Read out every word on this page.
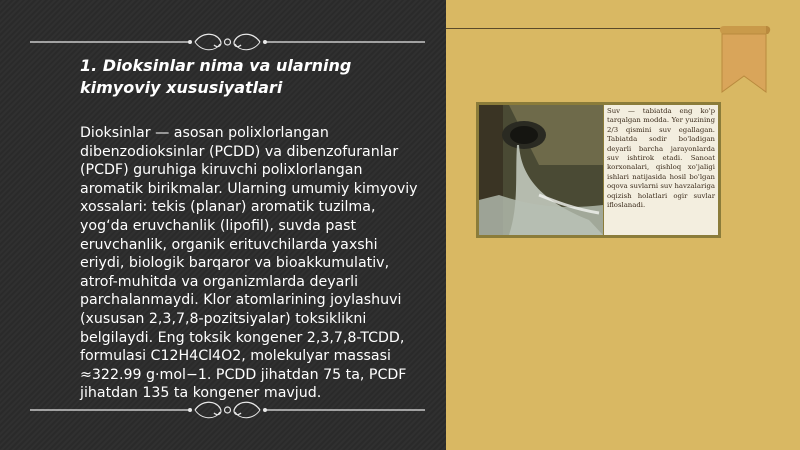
1. Dioksinlar nima va ularning kimyoviy xususiyatlari

Dioksinlar — asosan polixlorlangan dibenzodioksinlar (PCDD) va dibenzofuranlar (PCDF) guruhiga kiruvchi polixlorlangan aromatik birikmalar. Ularning umumiy kimyoviy xossalari: tekis (planar) aromatik tuzilma, yog‘da eruvchanlik (lipofil), suvda past eruvchanlik, organik erituvchilarda yaxshi eriydi, biologik barqaror va bioakkumulativ, atrof-muhitda va organizmlarda deyarli parchalanmaydi. Klor atomlarining joylashuvi (xususan 2,3,7,8-pozitsiyalar) toksiklikni belgilaydi. Eng toksik kongener 2,3,7,8-TCDD, formulasi C12H4Cl4O2, molekulyar massasi ≈322.99 g·mol−1. PCDD jihatdan 75 ta, PCDF jihatdan 135 ta kongener mavjud.

Suv — tabiatda eng ko'p tarqalgan modda. Yer yuzining 2/3 qismini suv egallagan. Tabiatda sodir bo'ladigan deyarli barcha jarayonlarda suv ishtirok etadi. Sanoat korxonalari, qishloq xo'jaligi ishlari natijasida hosil bo'lgan oqova suvlarni suv havzalariga oqizish holatlari ogir suvlar ifloslanadi.
